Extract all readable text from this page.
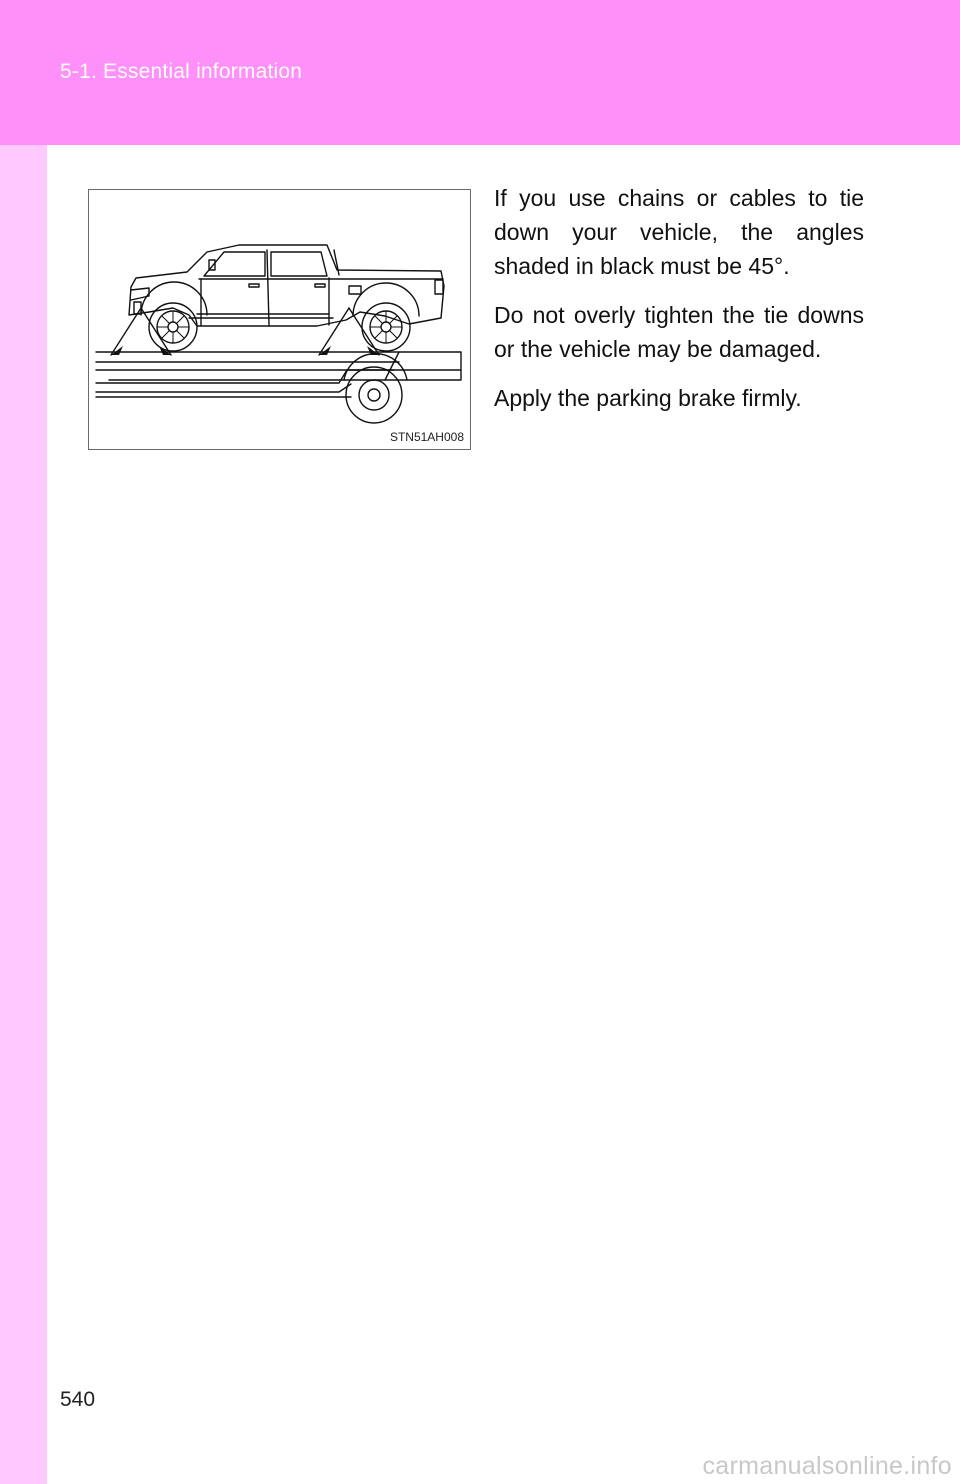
5-1. Essential information
STN51AH008

If you use chains or cables to tie down your vehicle, the angles shaded in black must be 45°.

Do not overly tighten the tie downs or the vehicle may be damaged.

Apply the parking brake firmly.

540
carmanualsonline.info
